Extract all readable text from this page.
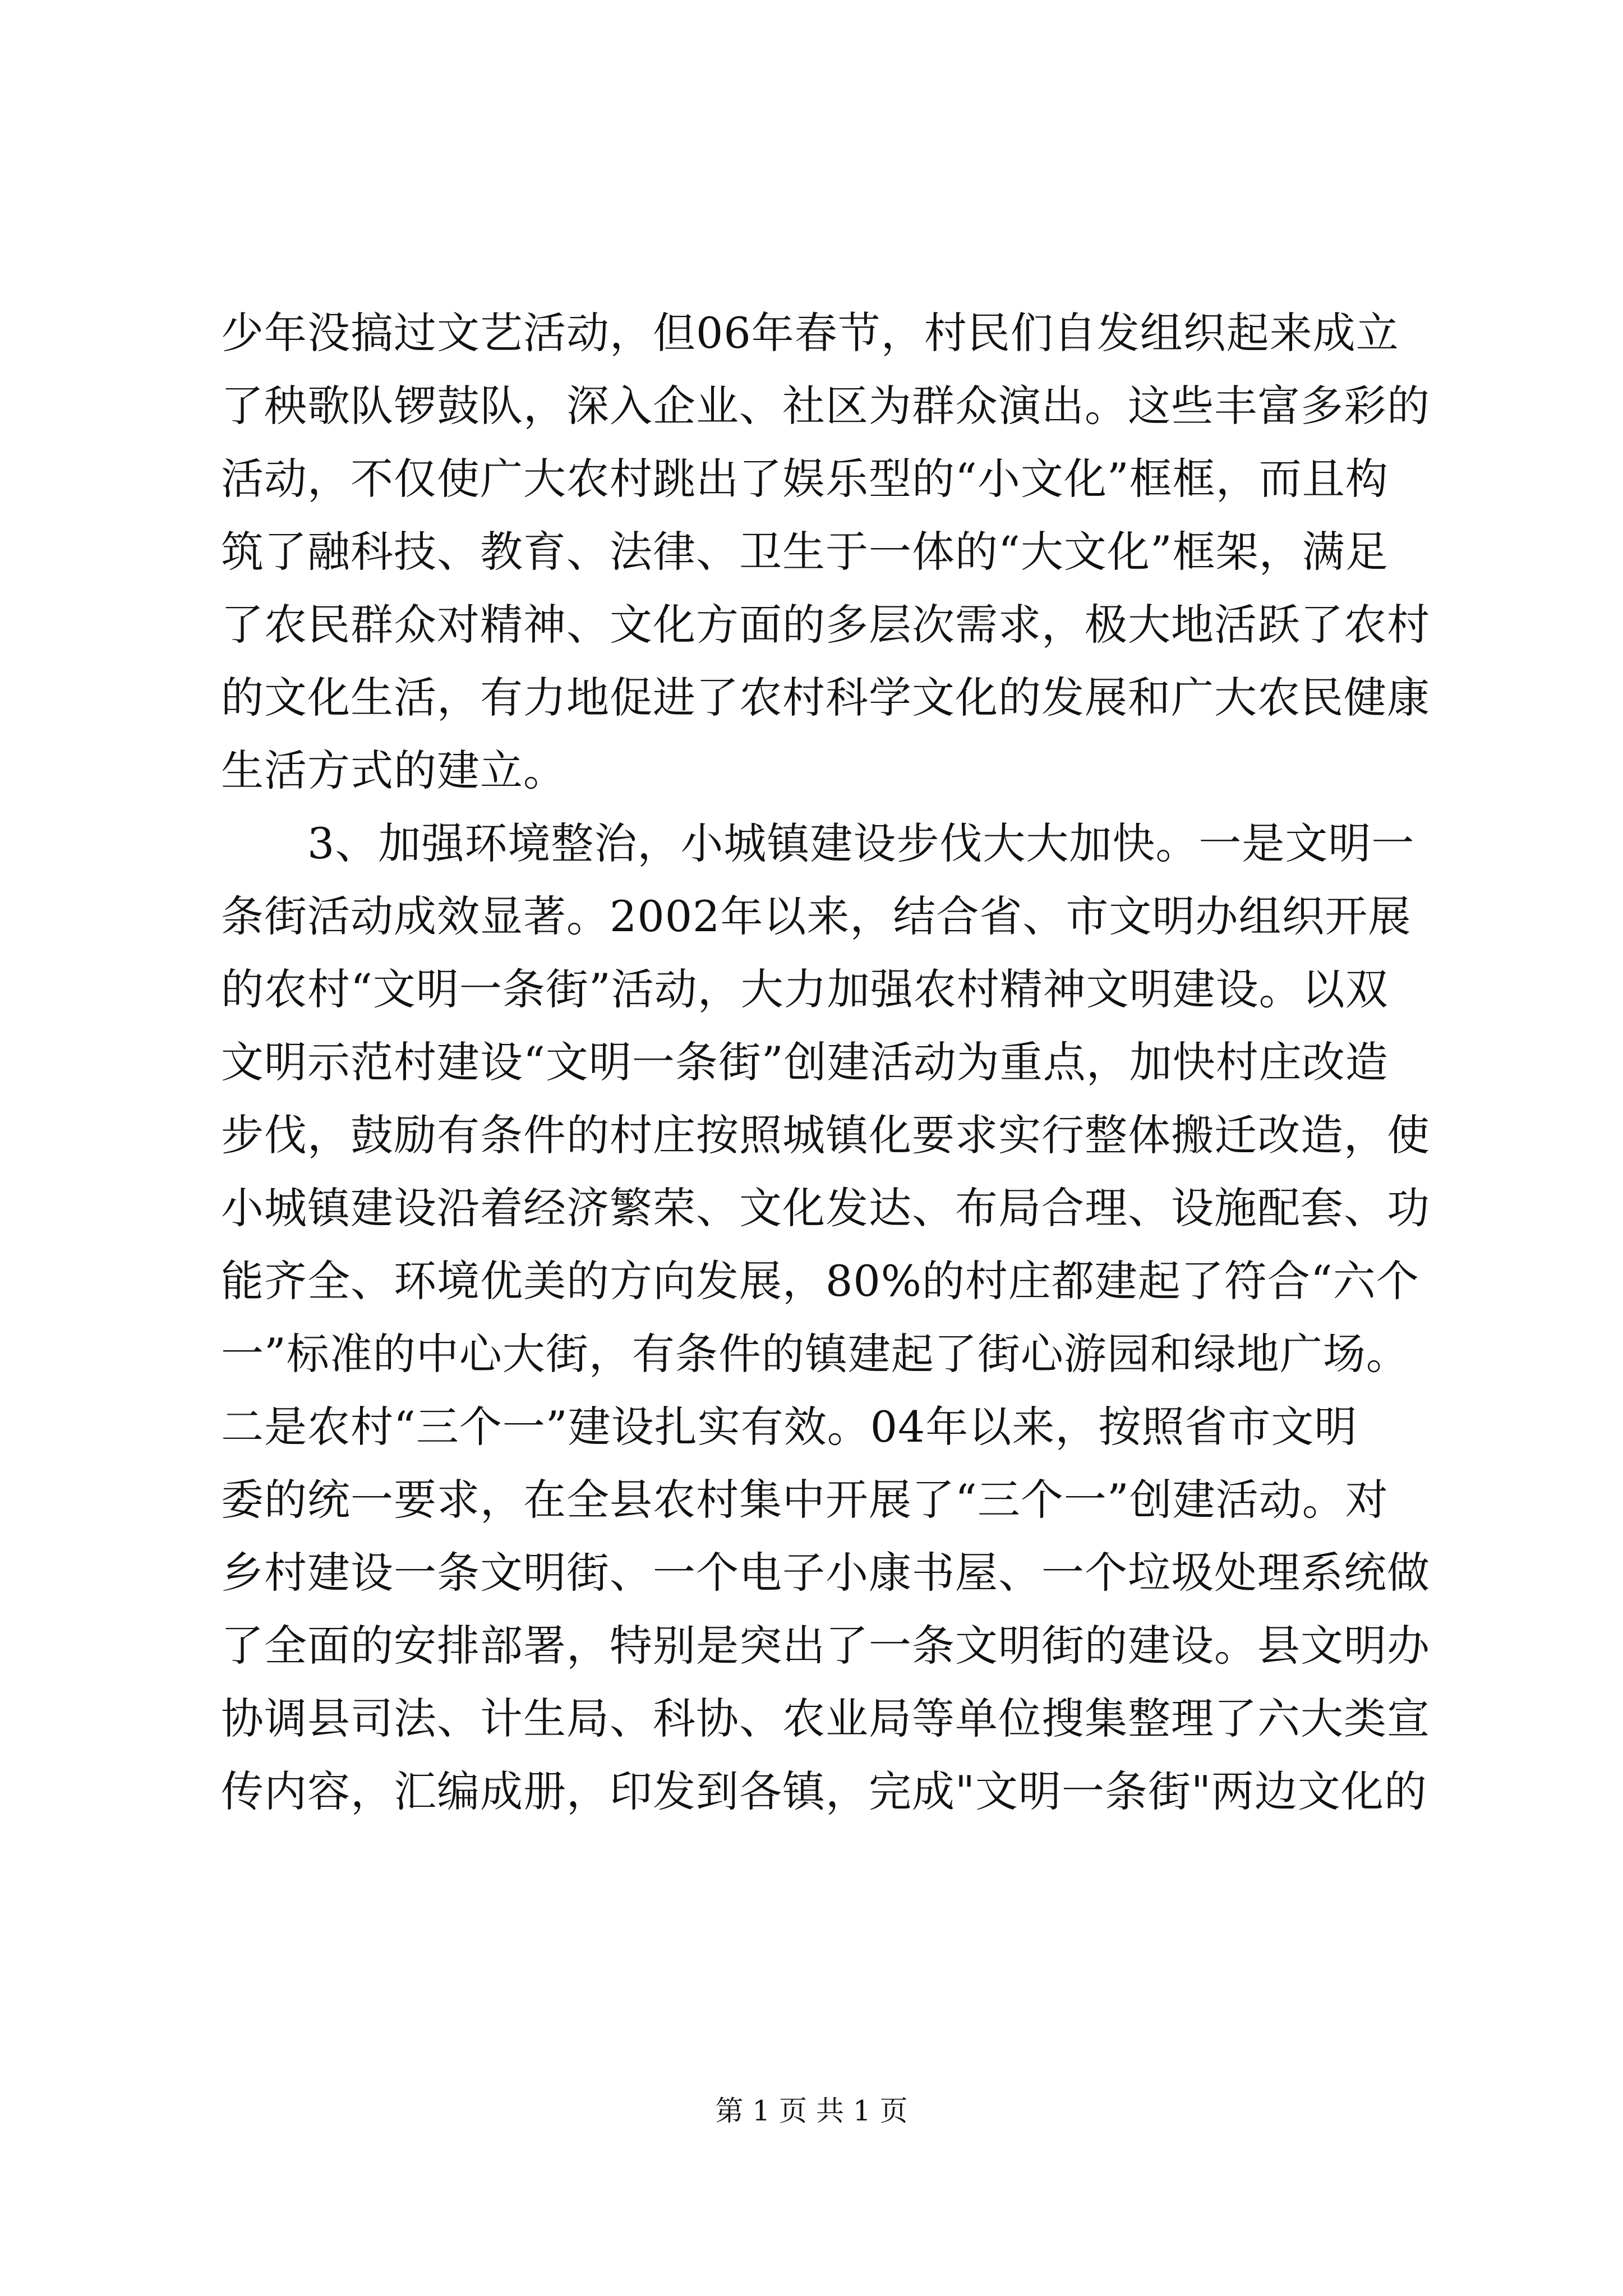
少年没搞过文艺活动，但06年春节，村民们自发组织起来成立
了秧歌队锣鼓队，深入企业、社区为群众演出。这些丰富多彩的
活动，不仅使广大农村跳出了娱乐型的“小文化”框框，而且构
筑了融科技、教育、法律、卫生于一体的“大文化”框架，满足
了农民群众对精神、文化方面的多层次需求，极大地活跃了农村
的文化生活，有力地促进了农村科学文化的发展和广大农民健康
生活方式的建立。
　　3、加强环境整治，小城镇建设步伐大大加快。一是文明一
条街活动成效显著。2002年以来，结合省、市文明办组织开展
的农村“文明一条街”活动，大力加强农村精神文明建设。以双
文明示范村建设“文明一条街”创建活动为重点，加快村庄改造
步伐，鼓励有条件的村庄按照城镇化要求实行整体搬迁改造，使
小城镇建设沿着经济繁荣、文化发达、布局合理、设施配套、功
能齐全、环境优美的方向发展，80%的村庄都建起了符合“六个
一”标准的中心大街，有条件的镇建起了街心游园和绿地广场。
二是农村“三个一”建设扎实有效。04年以来，按照省市文明
委的统一要求，在全县农村集中开展了“三个一”创建活动。对
乡村建设一条文明街、一个电子小康书屋、一个垃圾处理系统做
了全面的安排部署，特别是突出了一条文明街的建设。县文明办
协调县司法、计生局、科协、农业局等单位搜集整理了六大类宣
传内容，汇编成册，印发到各镇，完成"文明一条街"两边文化的
第 1 页 共 1 页
